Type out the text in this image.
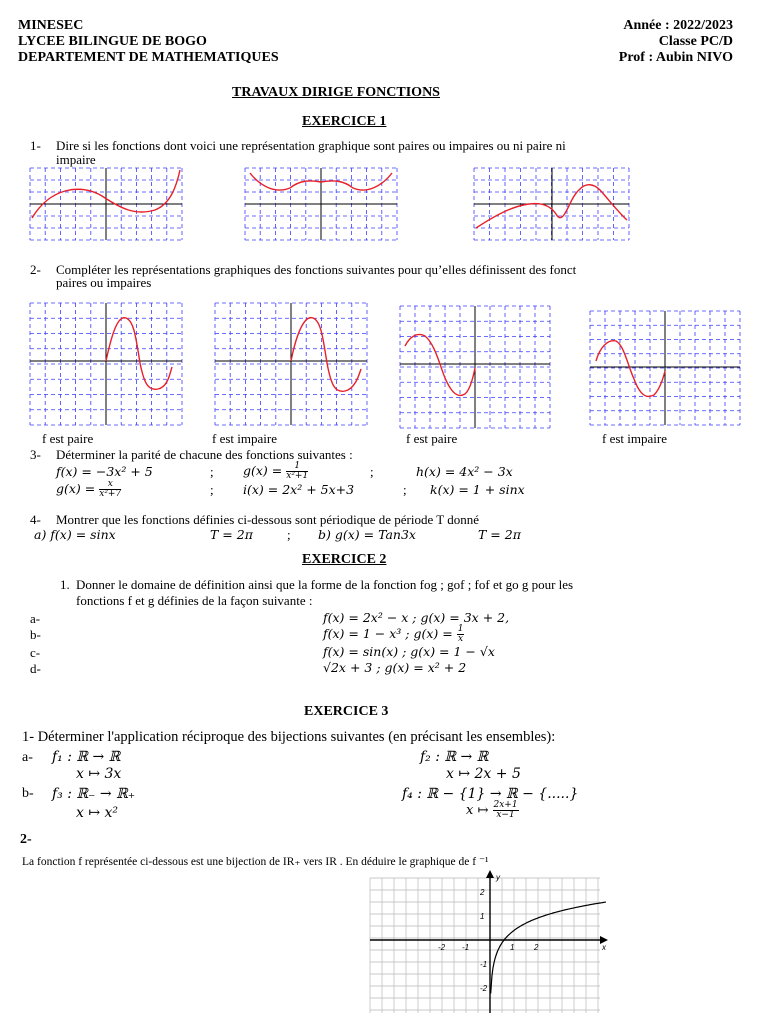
MINESEC
LYCEE BILINGUE DE BOGO
DEPARTEMENT DE MATHEMATIQUES
Année : 2022/2023
Classe PC/D
Prof : Aubin NIVO
TRAVAUX DIRIGE FONCTIONS
EXERCICE 1
1- Dire si les fonctions dont voici une représentation graphique sont paires ou impaires ou ni paire ni
impaire
2- Compléter les représentations graphiques des fonctions suivantes pour qu’elles définissent des fonct
paires ou impaires
f est paire	f est impaire	f est paire	f est impaire
3- Déterminer la parité de chacune des fonctions suivantes :
f(x) = −3x² + 5	; $g(x) = \frac{1}{\text{x²+1}}$	;	h(x) = 4x² − 3x
$g(x) = \frac{x}{\text{x²+7}}$	; i(x) = 2x² + 5x+3	; k(x) = 1 + sinx
4- Montrer que les fonctions définies ci-dessous sont périodique de période T donné
a) f(x) = sinx	T = 2π	; b) g(x) = Tan3x	T = 2π
EXERCICE 2
1. Donner le domaine de définition ainsi que la forme de la fonction fog ; gof ; fof et go g pour les
fonctions f et g définies de la façon suivante :
a-	f(x) = 2x² − x ; g(x) = 3x + 2,
b-	f(x) = 1 − x³ ; $g(x) = \frac{1}{x}$
c-	f(x) = sin(x) ; g(x) = 1 − √x
d-	√2x + 3 ; g(x) = x² + 2
EXERCICE 3
1- Déterminer l'application réciproque des bijections suivantes (en précisant les ensembles):
a- f₁ : ℝ → ℝ
x ↦ 3x
f₂ : ℝ → ℝ
x ↦ 2x + 5
b- f₃ : ℝ₋ → ℝ₊
x ↦ x²
f₄ : ℝ − {1} → ℝ − {.....}
x ↦ $\frac{2x+1}{x-1}$
2-
La fonction f représentée ci-dessous est une bijection de IR₊ vers IR . En déduire le graphique de f ⁻¹
y
x
-2 -1	1 2
2
1
-1
-2
